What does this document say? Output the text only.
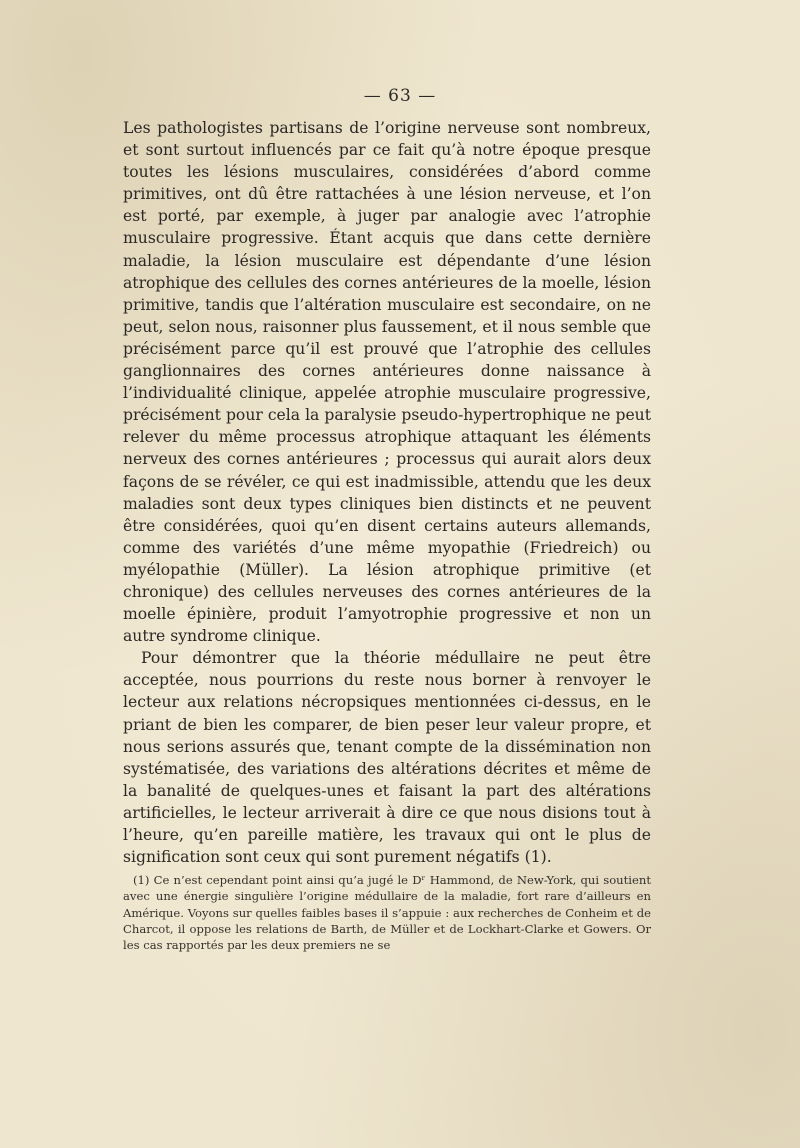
— 63 —

Les pathologistes partisans de l’origine nerveuse sont nombreux, et sont surtout influencés par ce fait qu’à notre époque presque toutes les lésions musculaires, considérées d’abord comme primitives, ont dû être rattachées à une lésion nerveuse, et l’on est porté, par exemple, à juger par analogie avec l’atrophie musculaire progressive. Étant acquis que dans cette dernière maladie, la lésion musculaire est dépendante d’une lésion atrophique des cellules des cornes antérieures de la moelle, lésion primitive, tandis que l’altération musculaire est secondaire, on ne peut, selon nous, raisonner plus faussement, et il nous semble que précisément parce qu’il est prouvé que l’atrophie des cellules ganglionnaires des cornes antérieures donne naissance à l’individualité clinique, appelée atrophie musculaire progressive, précisément pour cela la paralysie pseudo-hypertrophique ne peut relever du même processus atrophique attaquant les éléments nerveux des cornes antérieures ; processus qui aurait alors deux façons de se révéler, ce qui est inadmissible, attendu que les deux maladies sont deux types cliniques bien distincts et ne peuvent être considérées, quoi qu’en disent certains auteurs allemands, comme des variétés d’une même myopathie (Friedreich) ou myélopathie (Müller). La lésion atrophique primitive (et chronique) des cellules nerveuses des cornes antérieures de la moelle épinière, produit l’amyotrophie progressive et non un autre syndrome clinique.

Pour démontrer que la théorie médullaire ne peut être acceptée, nous pourrions du reste nous borner à renvoyer le lecteur aux relations nécropsiques mentionnées ci-dessus, en le priant de bien les comparer, de bien peser leur valeur propre, et nous serions assurés que, tenant compte de la dissémination non systématisée, des variations des altérations décrites et même de la banalité de quelques-unes et faisant la part des altérations artificielles, le lecteur arriverait à dire ce que nous disions tout à l’heure, qu’en pareille matière, les travaux qui ont le plus de signification sont ceux qui sont purement négatifs (1).

(1) Ce n’est cependant point ainsi qu’a jugé le Dʳ Hammond, de New-York, qui soutient avec une énergie singulière l’origine médullaire de la maladie, fort rare d’ailleurs en Amérique. Voyons sur quelles faibles bases il s’appuie : aux recherches de Conheim et de Charcot, il oppose les relations de Barth, de Müller et de Lockhart-Clarke et Gowers. Or les cas rapportés par les deux premiers ne se
